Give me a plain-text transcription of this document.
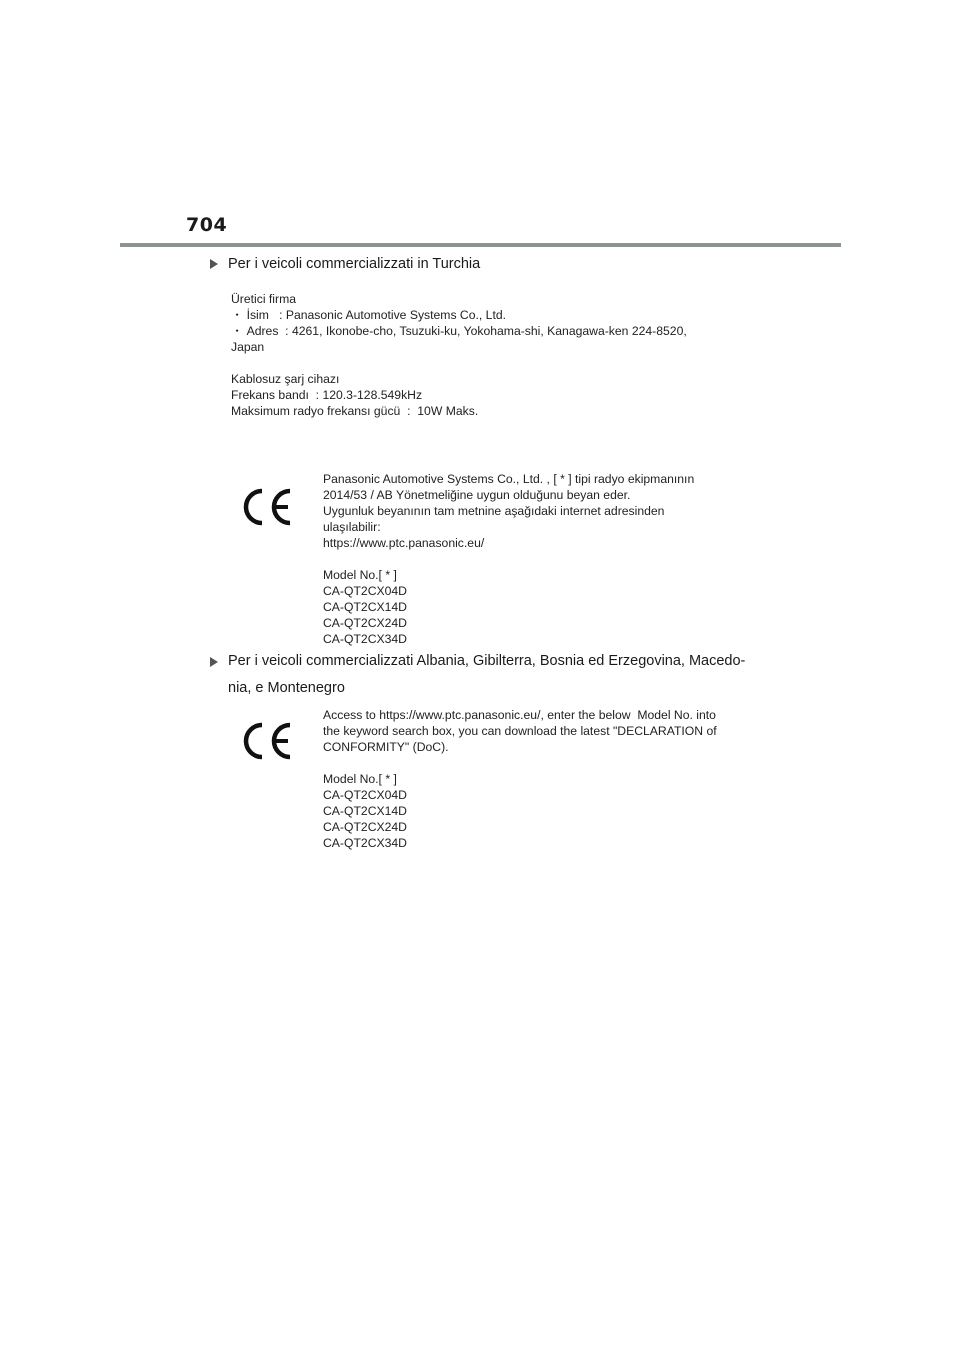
704
Per i veicoli commercializzati in Turchia
Üretici firma
・ İsim   : Panasonic Automotive Systems Co., Ltd.
・ Adres  : 4261, Ikonobe-cho, Tsuzuki-ku, Yokohama-shi, Kanagawa-ken 224-8520,
Japan
Kablosuz şarj cihazı
Frekans bandı  : 120.3-128.549kHz
Maksimum radyo frekansı gücü  :  10W Maks.
Panasonic Automotive Systems Co., Ltd. , [ * ] tipi radyo ekipmanının
2014/53 / AB Yönetmeliğine uygun olduğunu beyan eder.
Uygunluk beyanının tam metnine aşağıdaki internet adresinden
ulaşılabilir:
https://www.ptc.panasonic.eu/
Model No.[ * ]
CA-QT2CX04D
CA-QT2CX14D
CA-QT2CX24D
CA-QT2CX34D
Per i veicoli commercializzati Albania, Gibilterra, Bosnia ed Erzegovina, Macedo-
nia, e Montenegro
Access to https://www.ptc.panasonic.eu/, enter the below  Model No. into
the keyword search box, you can download the latest "DECLARATION of
CONFORMITY" (DoC).
Model No.[ * ]
CA-QT2CX04D
CA-QT2CX14D
CA-QT2CX24D
CA-QT2CX34D
